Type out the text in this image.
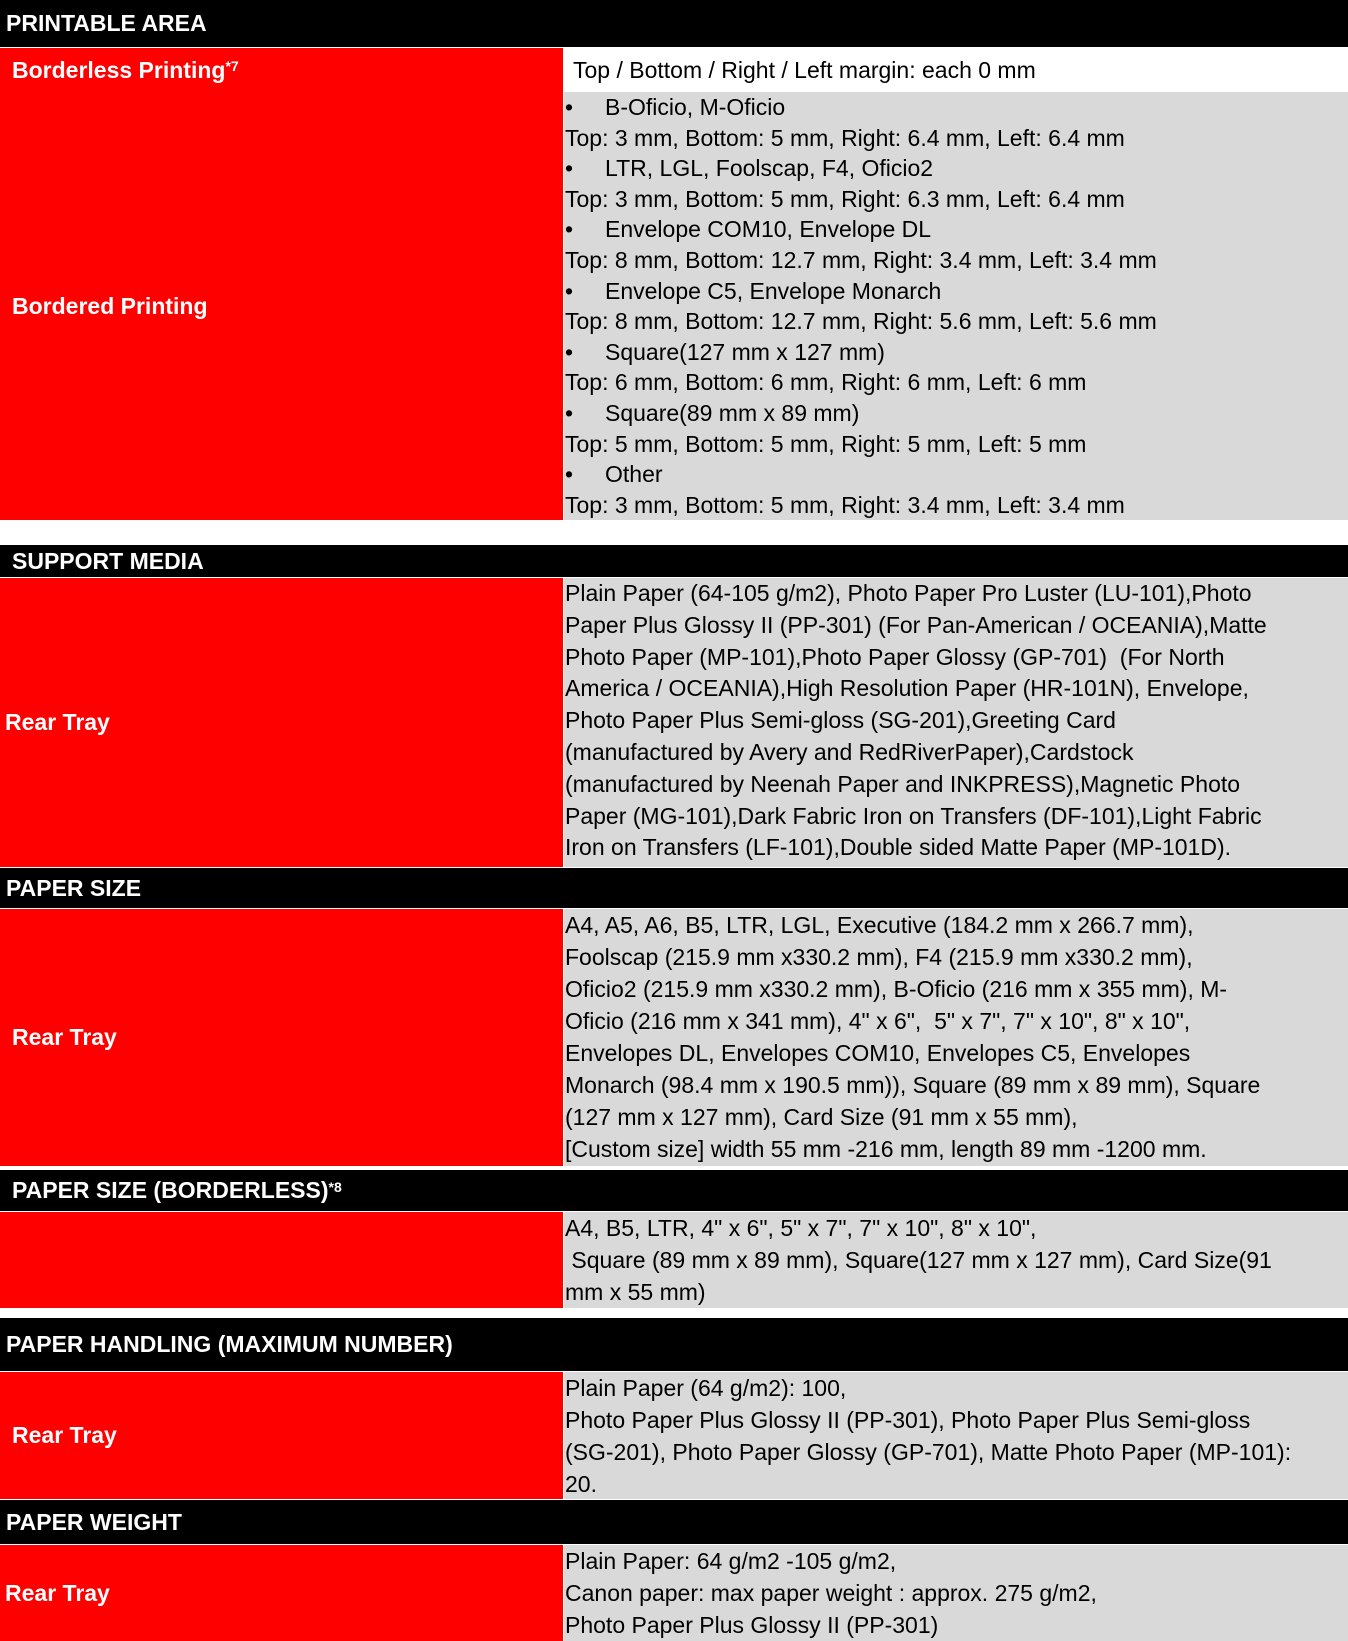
PRINTABLE AREA
Borderless Printing$^{*7}$	Top / Bottom / Right / Left margin: each 0 mm
Bordered Printing
• B-Oficio, M-Oficio
Top: 3 mm, Bottom: 5 mm, Right: 6.4 mm, Left: 6.4 mm
• LTR, LGL, Foolscap, F4, Oficio2
Top: 3 mm, Bottom: 5 mm, Right: 6.3 mm, Left: 6.4 mm
• Envelope COM10, Envelope DL
Top: 8 mm, Bottom: 12.7 mm, Right: 3.4 mm, Left: 3.4 mm
• Envelope C5, Envelope Monarch
Top: 8 mm, Bottom: 12.7 mm, Right: 5.6 mm, Left: 5.6 mm
• Square(127 mm x 127 mm)
Top: 6 mm, Bottom: 6 mm, Right: 6 mm, Left: 6 mm
• Square(89 mm x 89 mm)
Top: 5 mm, Bottom: 5 mm, Right: 5 mm, Left: 5 mm
• Other
Top: 3 mm, Bottom: 5 mm, Right: 3.4 mm, Left: 3.4 mm
SUPPORT MEDIA
Rear Tray
Plain Paper (64-105 g/m2), Photo Paper Pro Luster (LU-101),Photo
Paper Plus Glossy II (PP-301) (For Pan-American / OCEANIA),Matte
Photo Paper (MP-101),Photo Paper Glossy (GP-701)  (For North
America / OCEANIA),High Resolution Paper (HR-101N), Envelope,
Photo Paper Plus Semi-gloss (SG-201),Greeting Card
(manufactured by Avery and RedRiverPaper),Cardstock
(manufactured by Neenah Paper and INKPRESS),Magnetic Photo
Paper (MG-101),Dark Fabric Iron on Transfers (DF-101),Light Fabric
Iron on Transfers (LF-101),Double sided Matte Paper (MP-101D).
PAPER SIZE
Rear Tray
A4, A5, A6, B5, LTR, LGL, Executive (184.2 mm x 266.7 mm),
Foolscap (215.9 mm x330.2 mm), F4 (215.9 mm x330.2 mm),
Oficio2 (215.9 mm x330.2 mm), B-Oficio (216 mm x 355 mm), M-
Oficio (216 mm x 341 mm), 4" x 6",  5" x 7", 7" x 10", 8" x 10",
Envelopes DL, Envelopes COM10, Envelopes C5, Envelopes
Monarch (98.4 mm x 190.5 mm)), Square (89 mm x 89 mm), Square
(127 mm x 127 mm), Card Size (91 mm x 55 mm),
[Custom size] width 55 mm -216 mm, length 89 mm -1200 mm.
PAPER SIZE (BORDERLESS)$^{*8}$
A4, B5, LTR, 4" x 6", 5" x 7", 7" x 10", 8" x 10",
Square (89 mm x 89 mm), Square(127 mm x 127 mm), Card Size(91
mm x 55 mm)
PAPER HANDLING (MAXIMUM NUMBER)
Rear Tray
Plain Paper (64 g/m2): 100,
Photo Paper Plus Glossy II (PP-301), Photo Paper Plus Semi-gloss
(SG-201), Photo Paper Glossy (GP-701), Matte Photo Paper (MP-101):
20.
PAPER WEIGHT
Rear Tray
Plain Paper: 64 g/m2 -105 g/m2,
Canon paper: max paper weight : approx. 275 g/m2,
Photo Paper Plus Glossy II (PP-301)
